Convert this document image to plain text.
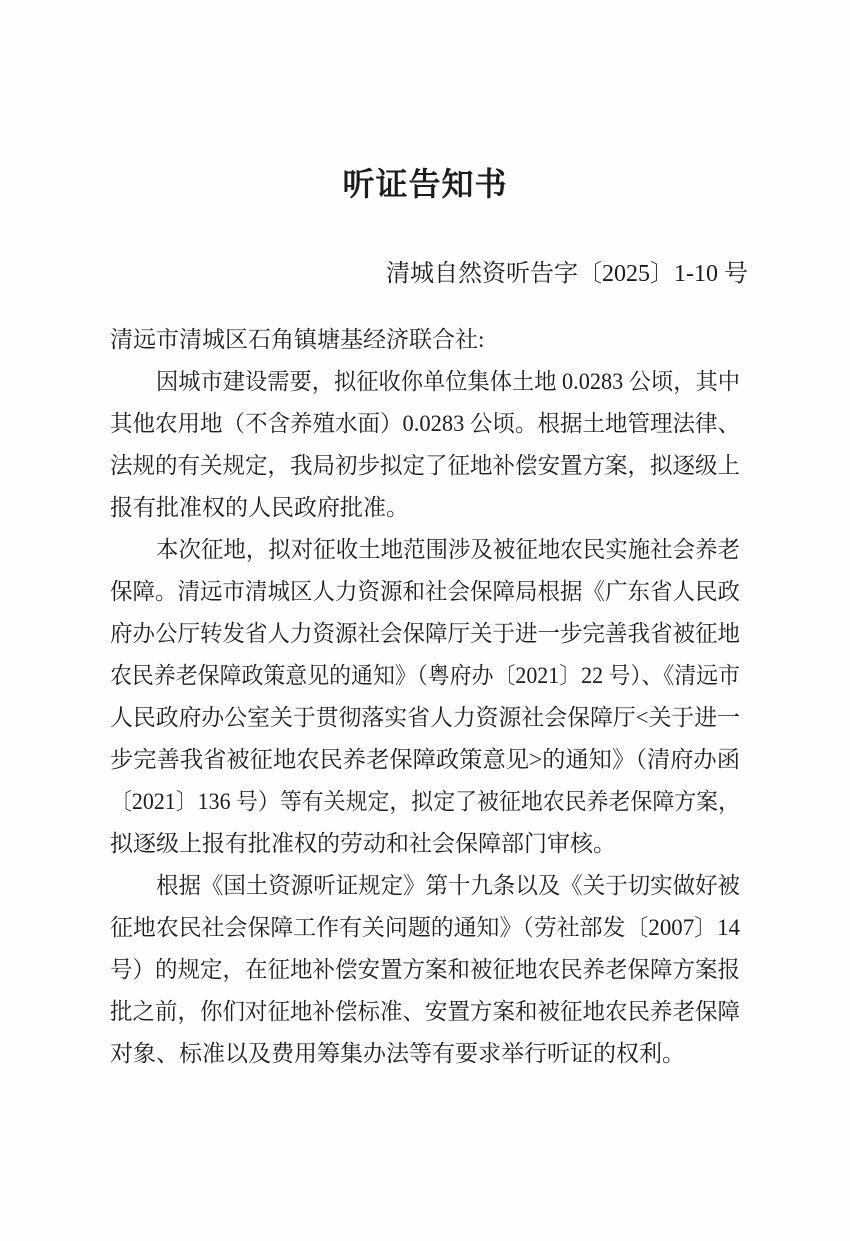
听证告知书
清城自然资听告字〔2025〕1-10 号
清远市清城区石角镇塘基经济联合社:
因城市建设需要，拟征收你单位集体土地 0.0283 公顷，其中
其他农用地（不含养殖水面）0.0283 公顷。根据土地管理法律、
法规的有关规定，我局初步拟定了征地补偿安置方案，拟逐级上
报有批准权的人民政府批准。
本次征地，拟对征收土地范围涉及被征地农民实施社会养老
保障。清远市清城区人力资源和社会保障局根据《广东省人民政
府办公厅转发省人力资源社会保障厅关于进一步完善我省被征地
农民养老保障政策意见的通知》（粤府办〔2021〕22 号）、《清远市
人民政府办公室关于贯彻落实省人力资源社会保障厅<关于进一
步完善我省被征地农民养老保障政策意见>的通知》（清府办函
〔2021〕136 号）等有关规定，拟定了被征地农民养老保障方案，
拟逐级上报有批准权的劳动和社会保障部门审核。
根据《国土资源听证规定》第十九条以及《关于切实做好被
征地农民社会保障工作有关问题的通知》（劳社部发〔2007〕14
号）的规定，在征地补偿安置方案和被征地农民养老保障方案报
批之前，你们对征地补偿标准、安置方案和被征地农民养老保障
对象、标准以及费用筹集办法等有要求举行听证的权利。
